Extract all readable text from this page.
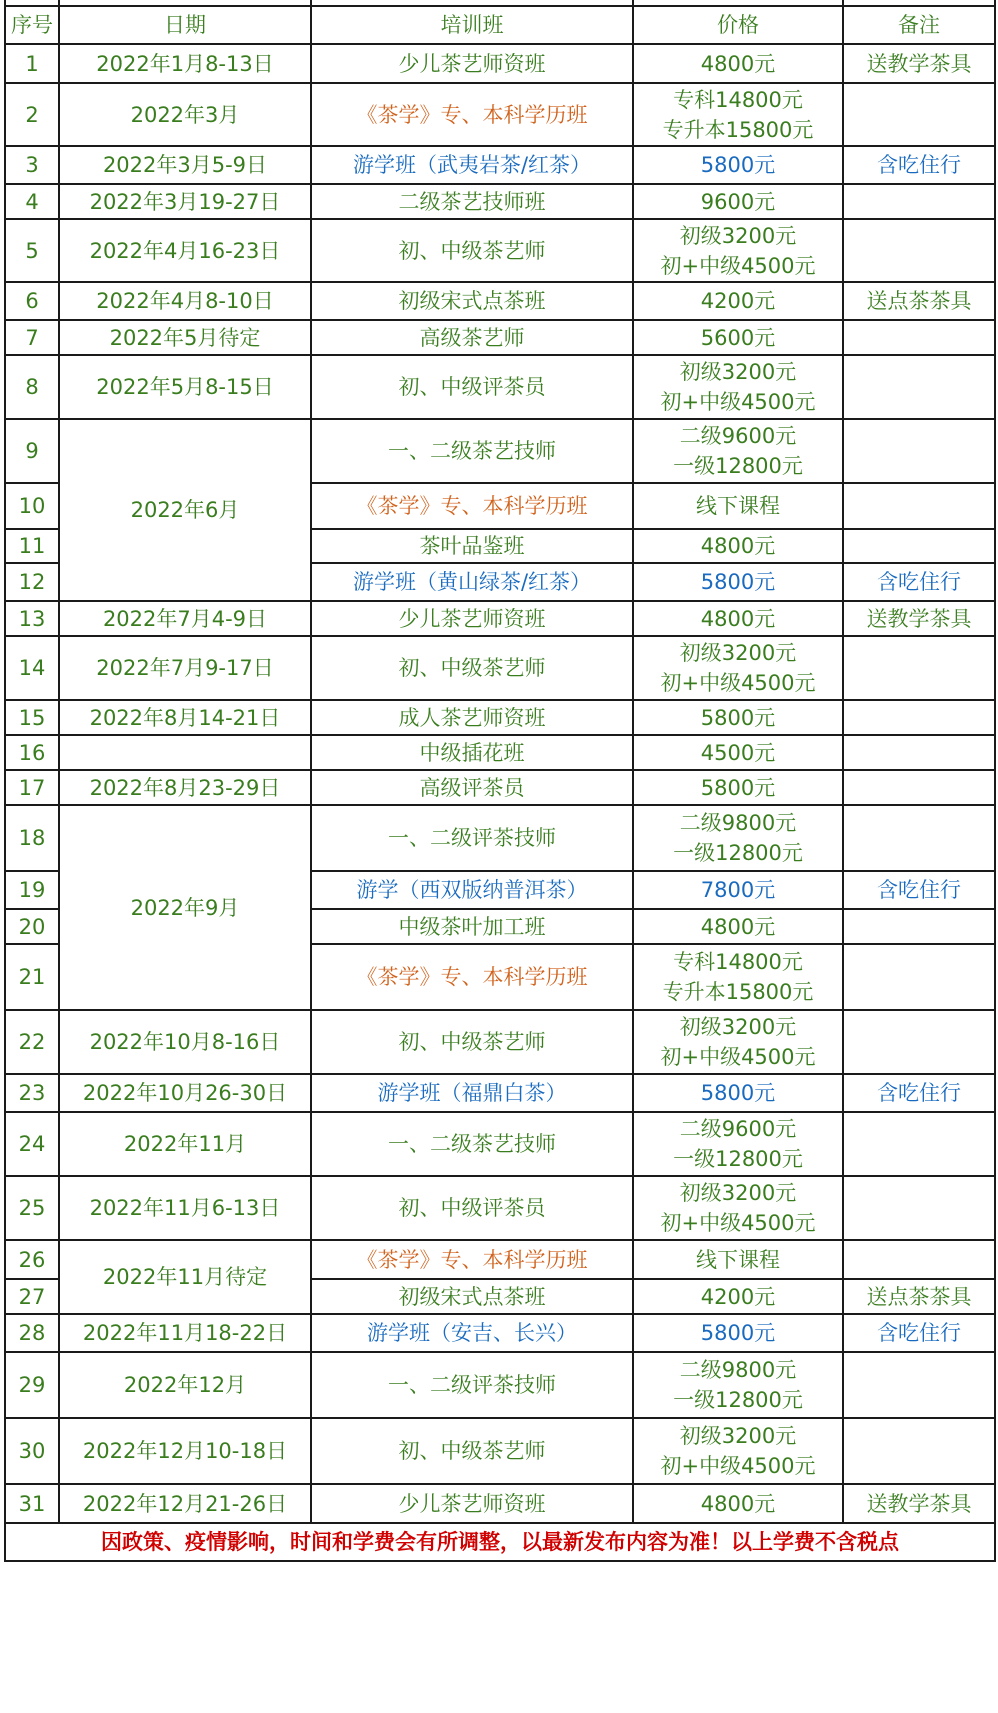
序号	日期	培训班	价格	备注
1	2022年1月8-13日	少儿茶艺师资班	4800元	送教学茶具
2	2022年3月	《茶学》专、本科学历班	专科14800元
专升本15800元	

3	2022年3月5-9日	游学班（武夷岩茶/红茶）	5800元	含吃住行
4	2022年3月19-27日	二级茶艺技师班	9600元	

5	2022年4月16-23日	初、中级茶艺师	初级3200元
初+中级4500元	

6	2022年4月8-10日	初级宋式点茶班	4200元	送点茶茶具
7	2022年5月待定	高级茶艺师	5600元	

8	2022年5月8-15日	初、中级评茶员	初级3200元
初+中级4500元	

9	2022年6月	一、二级茶艺技师	二级9600元
一级12800元	

10		《茶学》专、本科学历班	线下课程	

11		茶叶品鉴班	4800元	

12		游学班（黄山绿茶/红茶）	5800元	含吃住行
13	2022年7月4-9日	少儿茶艺师资班	4800元	送教学茶具
14	2022年7月9-17日	初、中级茶艺师	初级3200元
初+中级4500元	

15	2022年8月14-21日	成人茶艺师资班	5800元	

16		中级插花班	4500元	

17	2022年8月23-29日	高级评茶员	5800元	

18	2022年9月	一、二级评茶技师	二级9800元
一级12800元	

19		游学（西双版纳普洱茶）	7800元	含吃住行
20		中级茶叶加工班	4800元	

21		《茶学》专、本科学历班	专科14800元
专升本15800元	

22	2022年10月8-16日	初、中级茶艺师	初级3200元
初+中级4500元	

23	2022年10月26-30日	游学班（福鼎白茶）	5800元	含吃住行
24	2022年11月	一、二级茶艺技师	二级9600元
一级12800元	

25	2022年11月6-13日	初、中级评茶员	初级3200元
初+中级4500元	

26	2022年11月待定	《茶学》专、本科学历班	线下课程	

27		初级宋式点茶班	4200元	送点茶茶具
28	2022年11月18-22日	游学班（安吉、长兴）	5800元	含吃住行
29	2022年12月	一、二级评茶技师	二级9800元
一级12800元	

30	2022年12月10-18日	初、中级茶艺师	初级3200元
初+中级4500元	

31	2022年12月21-26日	少儿茶艺师资班	4800元	送教学茶具
因政策、疫情影响，时间和学费会有所调整，以最新发布内容为准！以上学费不含税点				
